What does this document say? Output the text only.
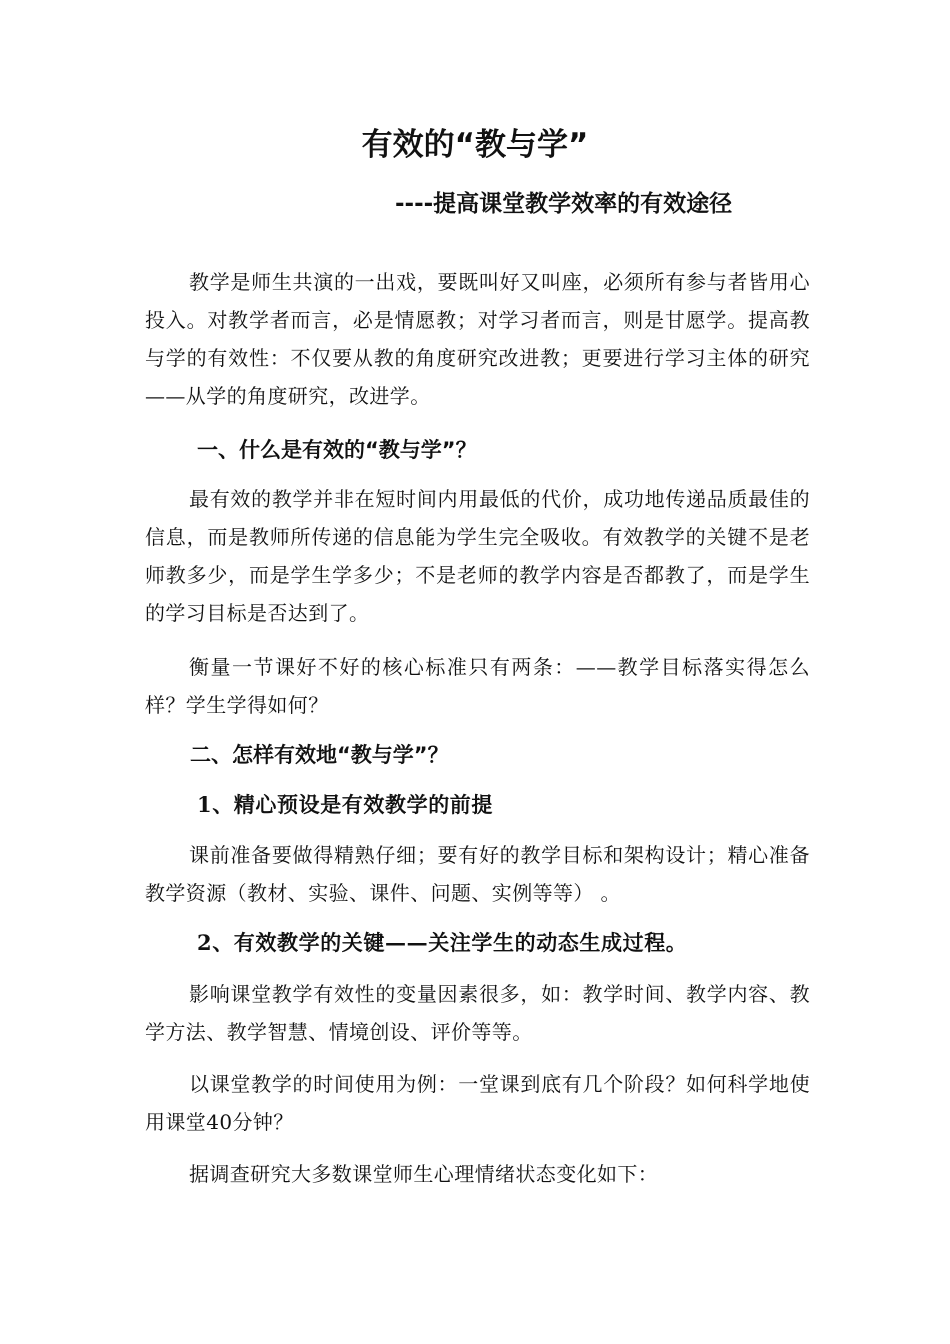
有效的“教与学”
----提高课堂教学效率的有效途径

教学是师生共演的一出戏，要既叫好又叫座，必须所有参与者皆用心投入。对教学者而言，必是情愿教；对学习者而言，则是甘愿学。提高教与学的有效性：不仅要从教的角度研究改进教；更要进行学习主体的研究——从学的角度研究，改进学。

一、什么是有效的“教与学”？

最有效的教学并非在短时间内用最低的代价，成功地传递品质最佳的信息，而是教师所传递的信息能为学生完全吸收。有效教学的关键不是老师教多少，而是学生学多少；不是老师的教学内容是否都教了，而是学生的学习目标是否达到了。

衡量一节课好不好的核心标准只有两条：——教学目标落实得怎么样？学生学得如何？

二、怎样有效地“教与学”？
1、精心预设是有效教学的前提

课前准备要做得精熟仔细；要有好的教学目标和架构设计；精心准备教学资源（教材、实验、课件、问题、实例等等） 。

2、有效教学的关键——关注学生的动态生成过程。

影响课堂教学有效性的变量因素很多，如：教学时间、教学内容、教学方法、教学智慧、情境创设、评价等等。

以课堂教学的时间使用为例：一堂课到底有几个阶段？如何科学地使用课堂40分钟？

据调查研究大多数课堂师生心理情绪状态变化如下：
